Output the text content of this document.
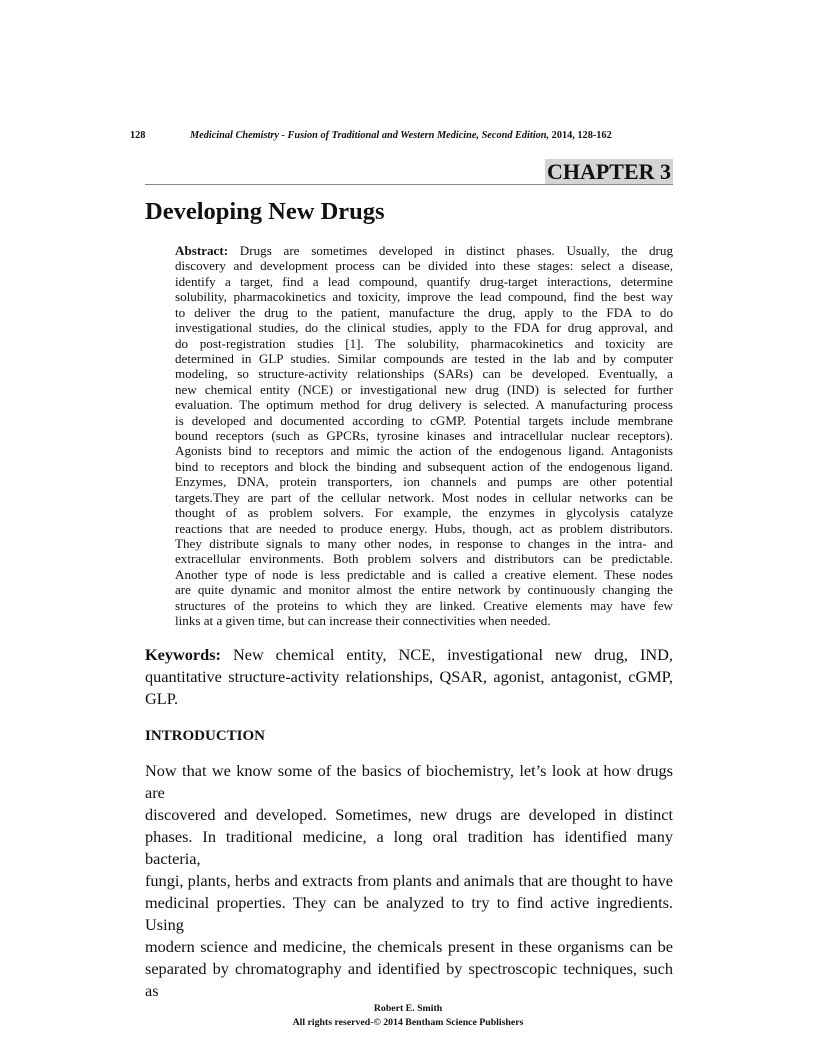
128	Medicinal Chemistry - Fusion of Traditional and Western Medicine, Second Edition, 2014, 128-162
CHAPTER 3
Developing New Drugs
Abstract: Drugs are sometimes developed in distinct phases. Usually, the drug
discovery and development process can be divided into these stages: select a disease,
identify a target, find a lead compound, quantify drug-target interactions, determine
solubility, pharmacokinetics and toxicity, improve the lead compound, find the best way
to deliver the drug to the patient, manufacture the drug, apply to the FDA to do
investigational studies, do the clinical studies, apply to the FDA for drug approval, and
do post-registration studies [1]. The solubility, pharmacokinetics and toxicity are
determined in GLP studies. Similar compounds are tested in the lab and by computer
modeling, so structure-activity relationships (SARs) can be developed. Eventually, a
new chemical entity (NCE) or investigational new drug (IND) is selected for further
evaluation. The optimum method for drug delivery is selected. A manufacturing process
is developed and documented according to cGMP. Potential targets include membrane
bound receptors (such as GPCRs, tyrosine kinases and intracellular nuclear receptors).
Agonists bind to receptors and mimic the action of the endogenous ligand. Antagonists
bind to receptors and block the binding and subsequent action of the endogenous ligand.
Enzymes, DNA, protein transporters, ion channels and pumps are other potential
targets.They are part of the cellular network. Most nodes in cellular networks can be
thought of as problem solvers. For example, the enzymes in glycolysis catalyze
reactions that are needed to produce energy. Hubs, though, act as problem distributors.
They distribute signals to many other nodes, in response to changes in the intra- and
extracellular environments. Both problem solvers and distributors can be predictable.
Another type of node is less predictable and is called a creative element. These nodes
are quite dynamic and monitor almost the entire network by continuously changing the
structures of the proteins to which they are linked. Creative elements may have few
links at a given time, but can increase their connectivities when needed.
Keywords: New chemical entity, NCE, investigational new drug, IND,
quantitative structure-activity relationships, QSAR, agonist, antagonist, cGMP,
GLP.
INTRODUCTION
Now that we know some of the basics of biochemistry, let’s look at how drugs are
discovered and developed. Sometimes, new drugs are developed in distinct
phases. In traditional medicine, a long oral tradition has identified many bacteria,
fungi, plants, herbs and extracts from plants and animals that are thought to have
medicinal properties. They can be analyzed to try to find active ingredients. Using
modern science and medicine, the chemicals present in these organisms can be
separated by chromatography and identified by spectroscopic techniques, such as
Robert E. Smith
All rights reserved-© 2014 Bentham Science Publishers
